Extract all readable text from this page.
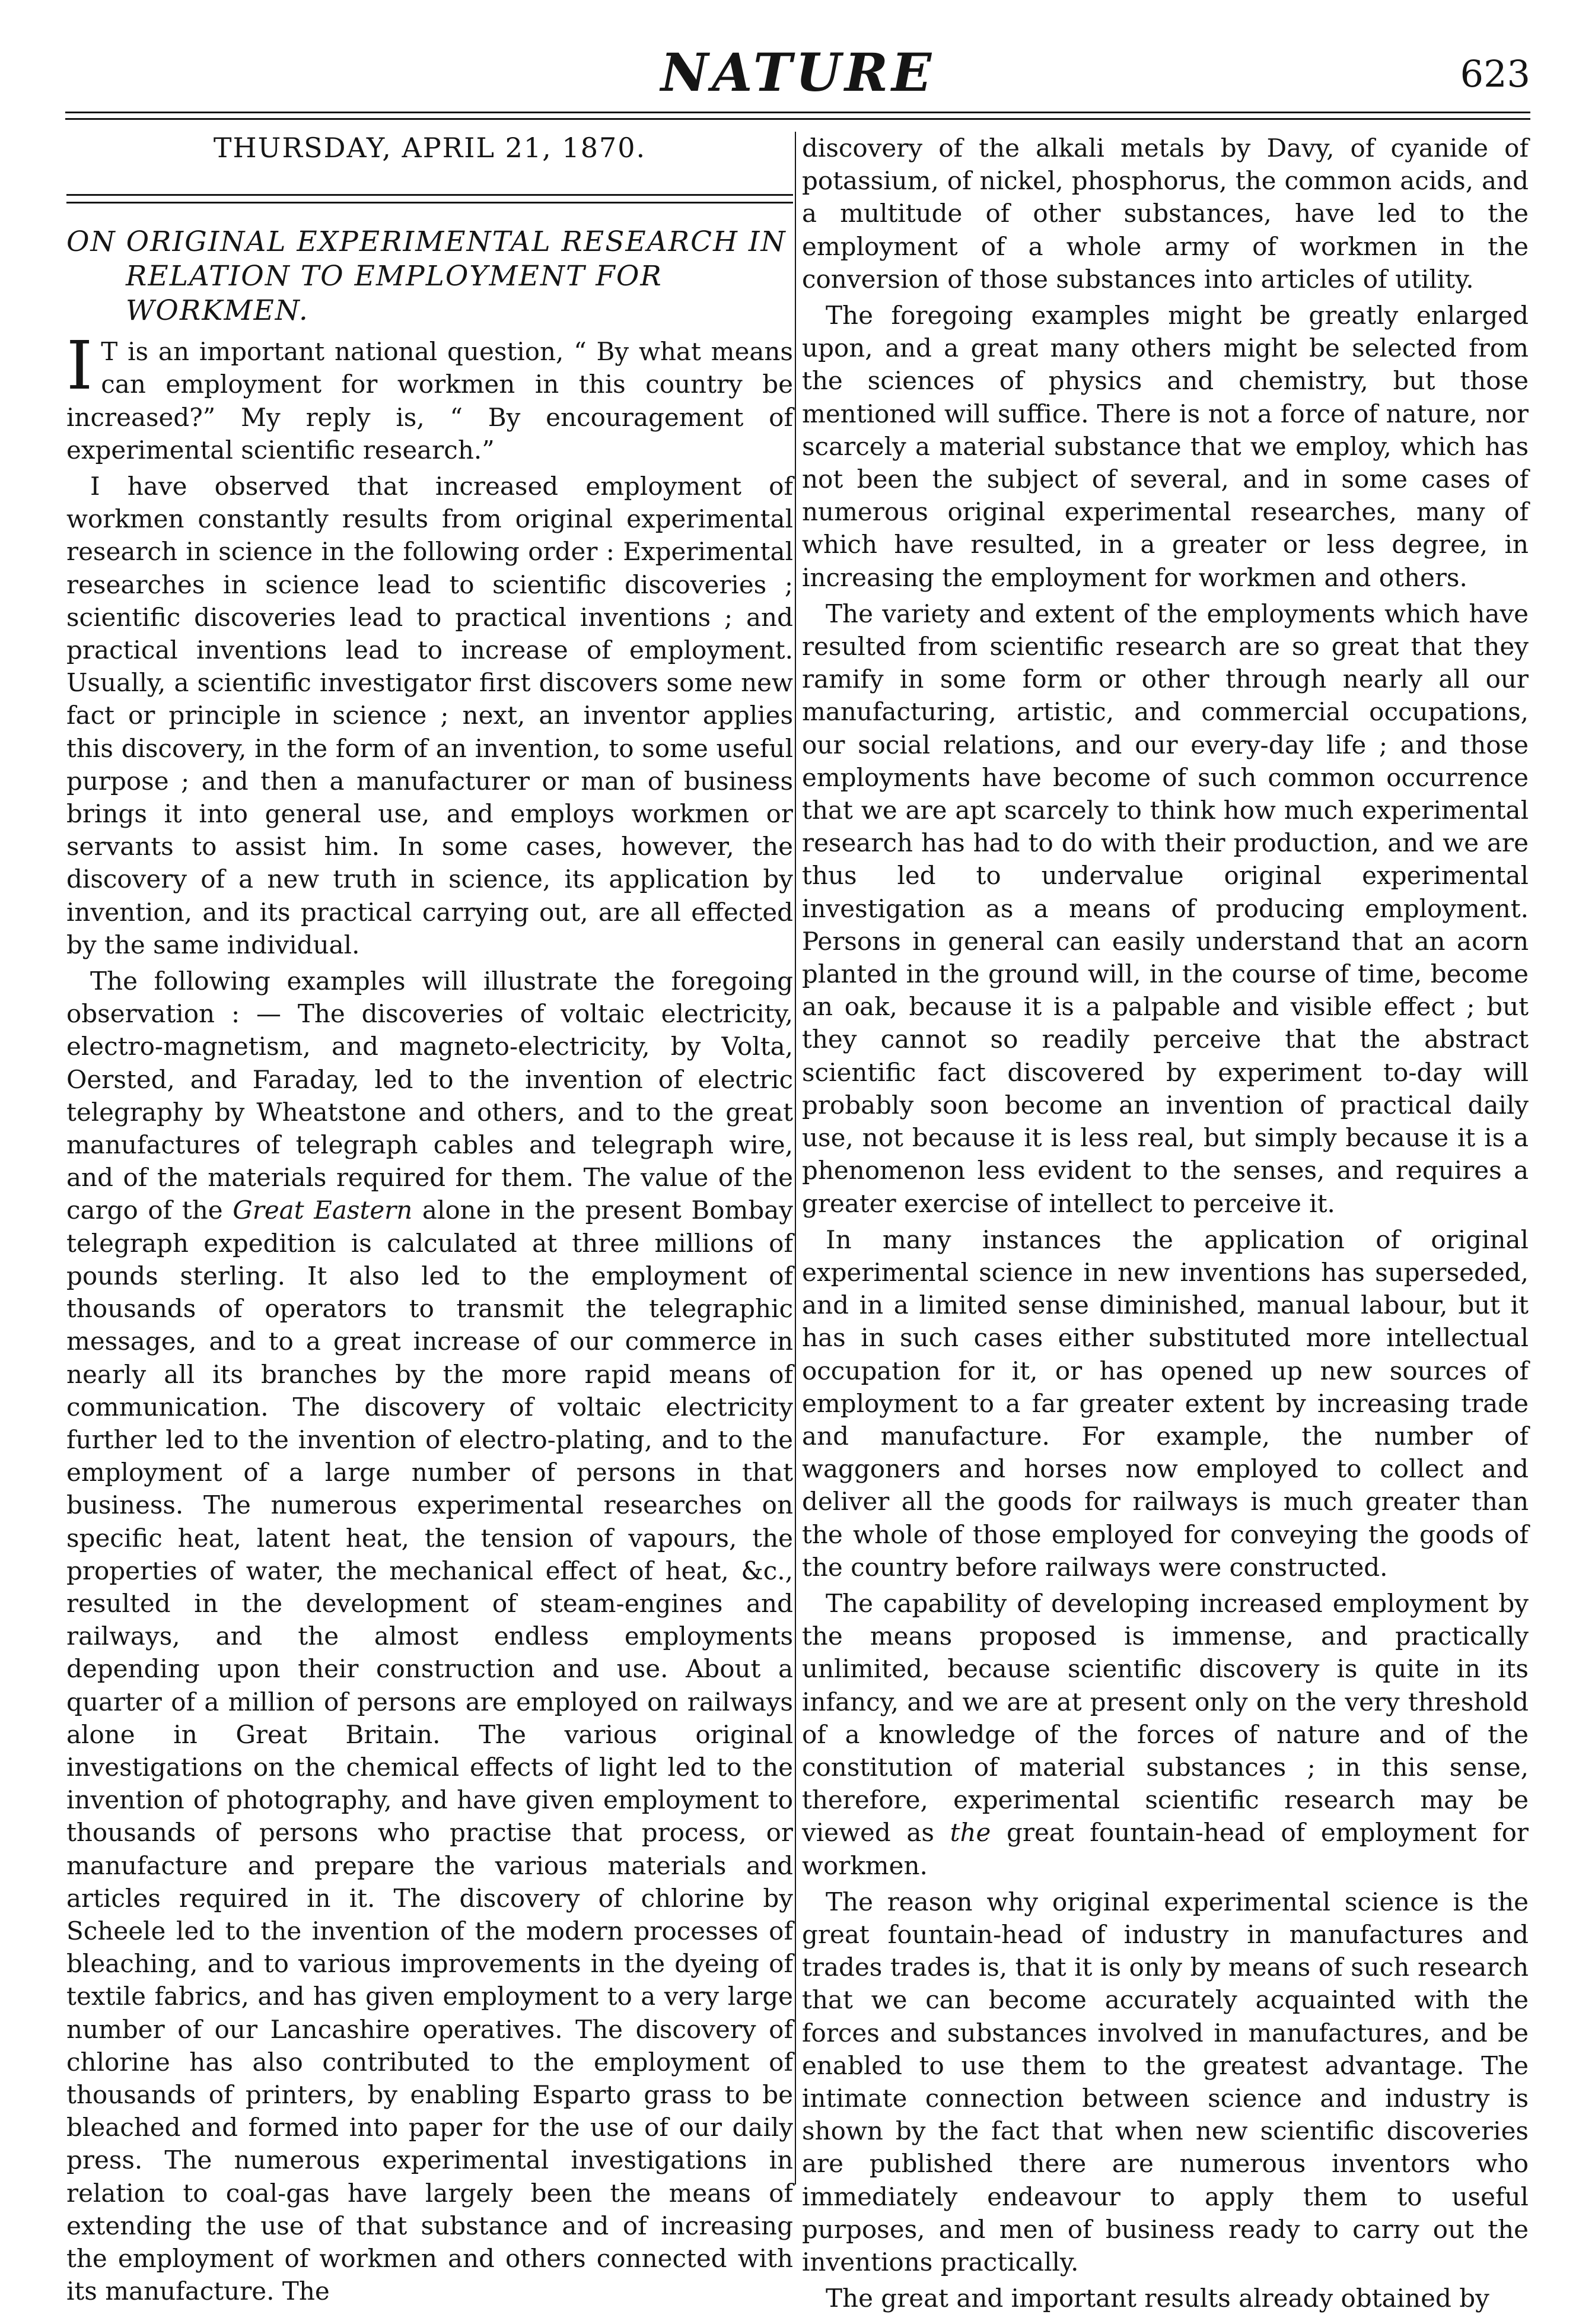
NATURE	623
THURSDAY, APRIL 21, 1870.
ON ORIGINAL EXPERIMENTAL RESEARCH IN RELATION TO EMPLOYMENT FOR WORKMEN.

I T is an important national question, “ By what means can employment for workmen in this country be increased?” My reply is, “ By encouragement of experimental scientific research.”

I have observed that increased employment of workmen constantly results from original experimental research in science in the following order : Experimental researches in science lead to scientific discoveries ; scientific discoveries lead to practical inventions ; and practical inventions lead to increase of employment. Usually, a scientific investigator first discovers some new fact or principle in science ; next, an inventor applies this discovery, in the form of an invention, to some useful purpose ; and then a manufacturer or man of business brings it into general use, and employs workmen or servants to assist him. In some cases, however, the discovery of a new truth in science, its application by invention, and its practical carrying out, are all effected by the same individual.

The following examples will illustrate the foregoing observation : — The discoveries of voltaic electricity, electro-magnetism, and magneto-electricity, by Volta, Oersted, and Faraday, led to the invention of electric telegraphy by Wheatstone and others, and to the great manufactures of telegraph cables and telegraph wire, and of the materials required for them. The value of the cargo of the Great Eastern alone in the present Bombay telegraph expedition is calculated at three millions of pounds sterling. It also led to the employment of thousands of operators to transmit the telegraphic messages, and to a great increase of our commerce in nearly all its branches by the more rapid means of communication. The discovery of voltaic electricity further led to the invention of electro-plating, and to the employment of a large number of persons in that business. The numerous experimental researches on specific heat, latent heat, the tension of vapours, the properties of water, the mechanical effect of heat, &c., resulted in the development of steam-engines and railways, and the almost endless employments depending upon their construction and use. About a quarter of a million of persons are employed on railways alone in Great Britain. The various original investigations on the chemical effects of light led to the invention of photography, and have given employment to thousands of persons who practise that process, or manufacture and prepare the various materials and articles required in it. The discovery of chlorine by Scheele led to the invention of the modern processes of bleaching, and to various improvements in the dyeing of textile fabrics, and has given employment to a very large number of our Lancashire operatives. The discovery of chlorine has also contributed to the employment of thousands of printers, by enabling Esparto grass to be bleached and formed into paper for the use of our daily press. The numerous experimental investigations in relation to coal-gas have largely been the means of extending the use of that substance and of increasing the employment of workmen and others connected with its manufacture. The

discovery of the alkali metals by Davy, of cyanide of potassium, of nickel, phosphorus, the common acids, and a multitude of other substances, have led to the employment of a whole army of workmen in the conversion of those substances into articles of utility.

The foregoing examples might be greatly enlarged upon, and a great many others might be selected from the sciences of physics and chemistry, but those mentioned will suffice. There is not a force of nature, nor scarcely a material substance that we employ, which has not been the subject of several, and in some cases of numerous original experimental researches, many of which have resulted, in a greater or less degree, in increasing the employment for workmen and others.

The variety and extent of the employments which have resulted from scientific research are so great that they ramify in some form or other through nearly all our manufacturing, artistic, and commercial occupations, our social relations, and our every-day life ; and those employments have become of such common occurrence that we are apt scarcely to think how much experimental research has had to do with their production, and we are thus led to undervalue original experimental investigation as a means of producing employment. Persons in general can easily understand that an acorn planted in the ground will, in the course of time, become an oak, because it is a palpable and visible effect ; but they cannot so readily perceive that the abstract scientific fact discovered by experiment to-day will probably soon become an invention of practical daily use, not because it is less real, but simply because it is a phenomenon less evident to the senses, and requires a greater exercise of intellect to perceive it.

In many instances the application of original experimental science in new inventions has superseded, and in a limited sense diminished, manual labour, but it has in such cases either substituted more intellectual occupation for it, or has opened up new sources of employment to a far greater extent by increasing trade and manufacture. For example, the number of waggoners and horses now employed to collect and deliver all the goods for railways is much greater than the whole of those employed for conveying the goods of the country before railways were constructed.

The capability of developing increased employment by the means proposed is immense, and practically unlimited, because scientific discovery is quite in its infancy, and we are at present only on the very threshold of a knowledge of the forces of nature and of the constitution of material substances ; in this sense, therefore, experimental scientific research may be viewed as the great fountain-head of employment for workmen.

The reason why original experimental science is the great fountain-head of industry in manufactures and trades trades is, that it is only by means of such research that we can become accurately acquainted with the forces and substances involved in manufactures, and be enabled to use them to the greatest advantage. The intimate connection between science and industry is shown by the fact that when new scientific discoveries are published there are numerous inventors who immediately endeavour to apply them to useful purposes, and men of business ready to carry out the inventions practically.

The great and important results already obtained by
